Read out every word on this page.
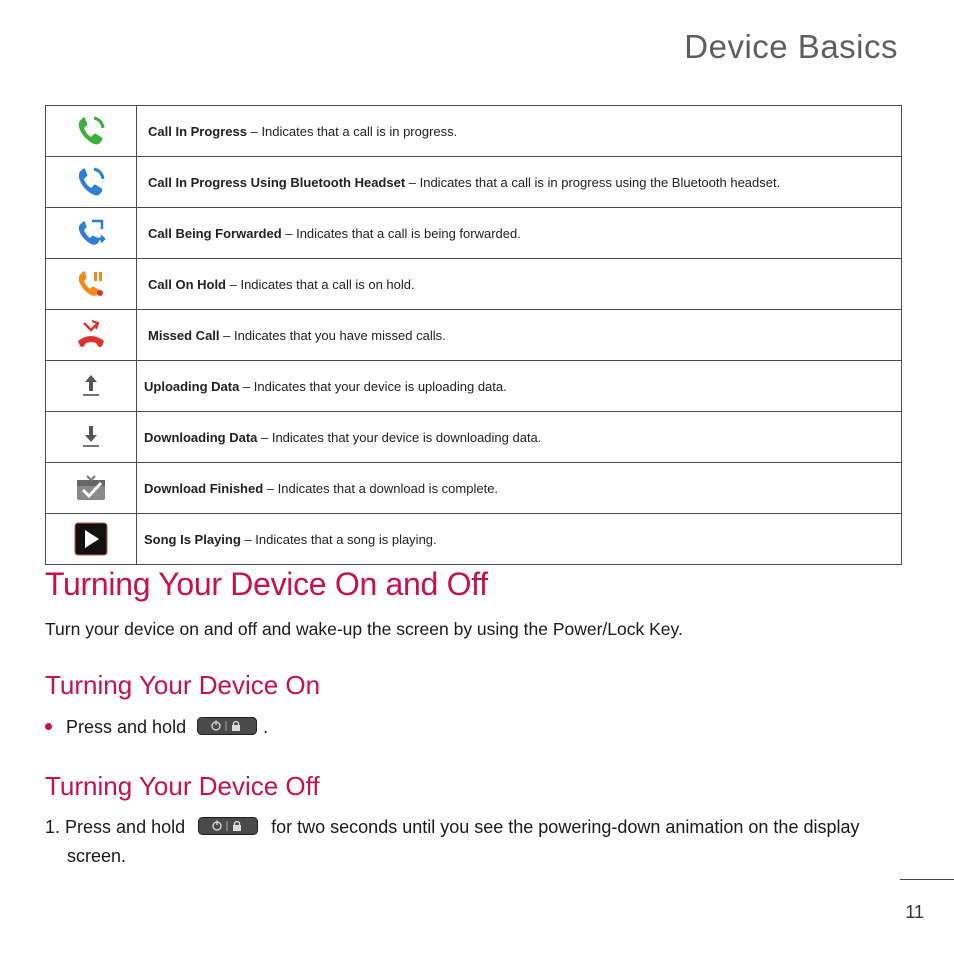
Device Basics

Call In Progress – Indicates that a call is in progress.

Call In Progress Using Bluetooth Headset – Indicates that a call is in progress using the Bluetooth headset.

Call Being Forwarded – Indicates that a call is being forwarded.

Call On Hold – Indicates that a call is on hold.

Missed Call – Indicates that you have missed calls.

Uploading Data – Indicates that your device is uploading data.

Downloading Data – Indicates that your device is downloading data.

Download Finished – Indicates that a download is complete.

Song Is Playing – Indicates that a song is playing.
Turning Your Device On and Off

Turn your device on and off and wake-up the screen by using the Power/Lock Key.

Turning Your Device On
Press and hold	.
Turning Your Device Off
1. Press and hold	for two seconds until you see the powering-down animation on the display
screen.
11
